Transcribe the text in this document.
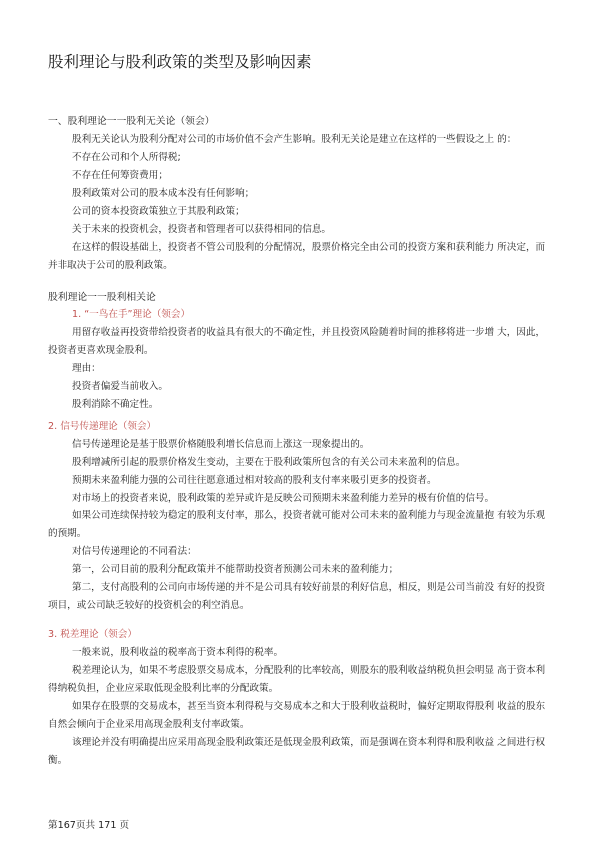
股利理论与股利政策的类型及影响因素
一、股利理论一一股利无关论（领会）
股利无关论认为股利分配对公司的市场价值不会产生影响。股利无关论是建立在这样的一些假设之上 的：
不存在公司和个人所得税;
不存在任何筹资费用；
股利政策对公司的股本成本没有任何影响；
公司的资本投资政策独立于其股利政策；
关于未来的投资机会，投资者和管理者可以获得相同的信息。
在这样的假设基础上，投资者不管公司股利的分配情况，股票价格完全由公司的投资方案和获利能力 所决定，而
并非取决于公司的股利政策。
股利理论一一股利相关论
1. “一鸟在手”理论（领会）
用留存收益再投资带给投资者的收益具有很大的不确定性，并且投资风险随着时间的推移将进一步增 大，因此，
投资者更喜欢现金股利。
理由：
投资者偏爱当前收入。
股利消除不确定性。
2. 信号传递理论（领会）
信号传递理论是基于股票价格随股利增长信息而上涨这一现象提出的。
股利增减所引起的股票价格发生变动，主要在于股利政策所包含的有关公司未来盈利的信息。
预期未来盈利能力强的公司往往愿意通过相对较高的股利支付率来吸引更多的投资者。
对市场上的投资者来说，股利政策的差异或许是反映公司预期未来盈利能力差异的极有价值的信号。
如果公司连续保持较为稳定的股利支付率，那么，投资者就可能对公司未来的盈利能力与现金流量抱 有较为乐观
的预期。
对信号传递理论的不同看法：
第一，公司目前的股利分配政策并不能帮助投资者预测公司未来的盈利能力；
第二，支付高股利的公司向市场传递的并不是公司具有较好前景的利好信息，相反，则是公司当前没 有好的投资
项目，或公司缺乏较好的投资机会的利空消息。
3. 税差理论（领会）
一般来说，股利收益的税率高于资本利得的税率。
税差理论认为，如果不考虑股票交易成本，分配股利的比率较高，则股东的股利收益纳税负担会明显 高于资本利
得纳税负担，企业应采取低现金股利比率的分配政策。
如果存在股票的交易成本，甚至当资本利得税与交易成本之和大于股利收益税时，偏好定期取得股利 收益的股东
自然会倾向于企业采用高现金股利支付率政策。
该理论并没有明确提出应采用高现金股利政策还是低现金股利政策，而是强调在资本利得和股利收益 之间进行权
衡。
第167页共 171 页
